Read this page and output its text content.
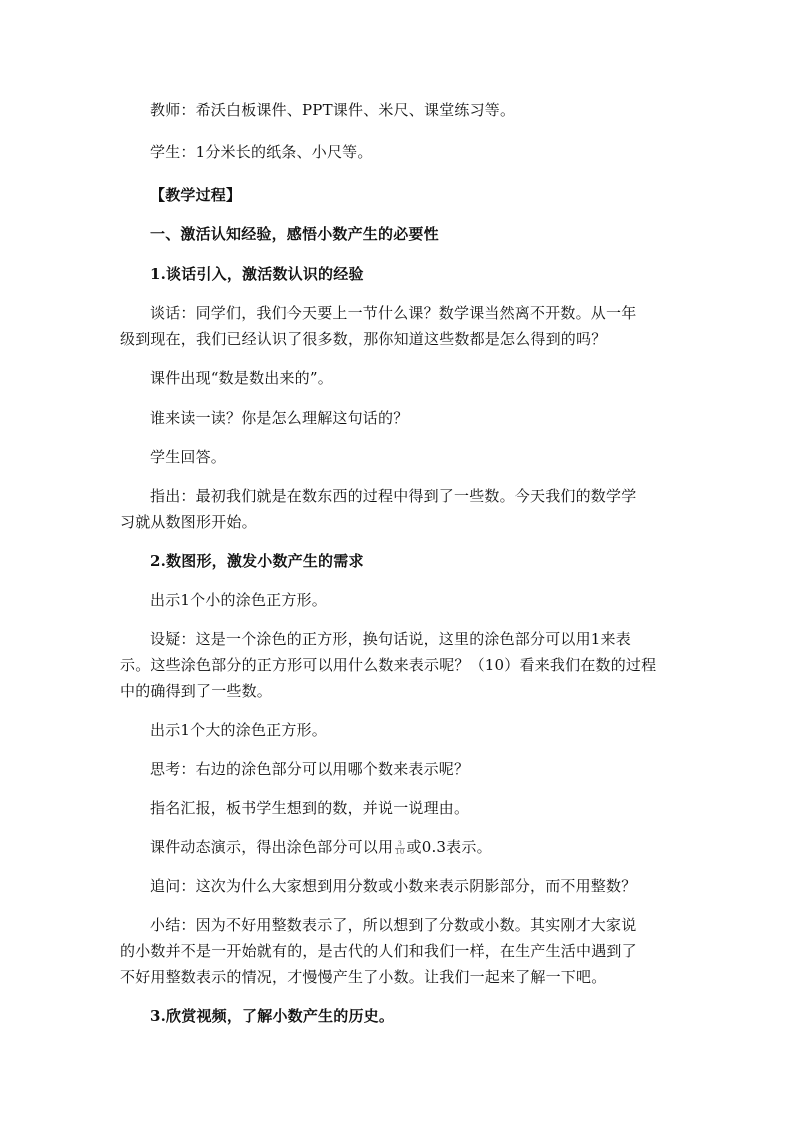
教师：希沃白板课件、PPT课件、米尺、课堂练习等。
学生：1分米长的纸条、小尺等。
【教学过程】
一、激活认知经验，感悟小数产生的必要性
1.谈话引入，激活数认识的经验
谈话：同学们，我们今天要上一节什么课？数学课当然离不开数。从一年
级到现在，我们已经认识了很多数，那你知道这些数都是怎么得到的吗？
课件出现“数是数出来的”。
谁来读一读？你是怎么理解这句话的？
学生回答。
指出：最初我们就是在数东西的过程中得到了一些数。今天我们的数学学
习就从数图形开始。
2.数图形，激发小数产生的需求
出示1个小的涂色正方形。
设疑：这是一个涂色的正方形，换句话说，这里的涂色部分可以用1来表
示。这些涂色部分的正方形可以用什么数来表示呢？（10）看来我们在数的过程
中的确得到了一些数。
出示1个大的涂色正方形。
思考：右边的涂色部分可以用哪个数来表示呢？
指名汇报，板书学生想到的数，并说一说理由。
课件动态演示，得出涂色部分可以用 $\frac{3}{10}$ 或0.3表示。
追问：这次为什么大家想到用分数或小数来表示阴影部分，而不用整数？
小结：因为不好用整数表示了，所以想到了分数或小数。其实刚才大家说
的小数并不是一开始就有的，是古代的人们和我们一样，在生产生活中遇到了
不好用整数表示的情况，才慢慢产生了小数。让我们一起来了解一下吧。
3.欣赏视频，了解小数产生的历史。
